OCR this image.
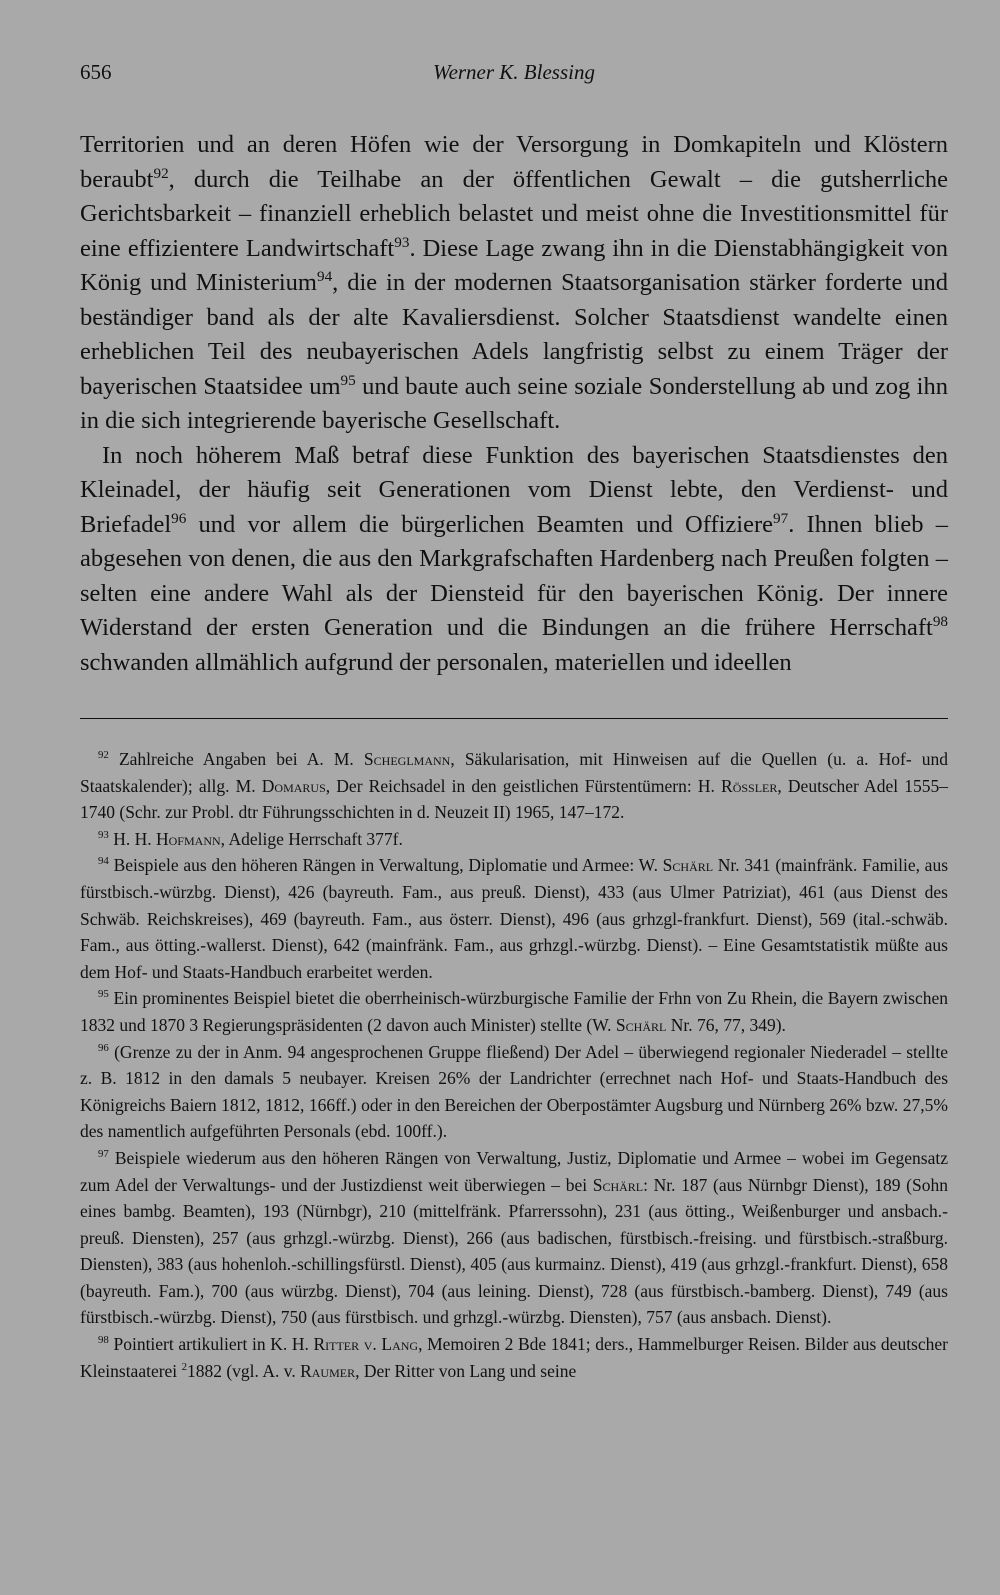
656	Werner K. Blessing

Territorien und an deren Höfen wie der Versorgung in Domkapiteln und Klöstern beraubt$^{92}$, durch die Teilhabe an der öffentlichen Gewalt – die gutsherrliche Gerichtsbarkeit – finanziell erheblich belastet und meist ohne die Investitionsmittel für eine effizientere Landwirtschaft$^{93}$. Diese Lage zwang ihn in die Dienstabhängigkeit von König und Ministerium$^{94}$, die in der modernen Staatsorganisation stärker forderte und beständiger band als der alte Kavaliersdienst. Solcher Staatsdienst wandelte einen erheblichen Teil des neubayerischen Adels langfristig selbst zu einem Träger der bayerischen Staatsidee $um^{95}$ und baute auch seine soziale Sonderstellung ab und zog ihn in die sich integrierende bayerische Gesellschaft.

In noch höherem Maß betraf diese Funktion des bayerischen Staatsdienstes den Kleinadel, der häufig seit Generationen vom Dienst lebte, den Verdienst- und Briefadel$^{96}$ und vor allem die bürgerlichen Beamten und Offiziere$^{97}$. Ihnen blieb – abgesehen von denen, die aus den Markgrafschaften Hardenberg nach Preußen folgten – selten eine andere Wahl als der Diensteid für den bayerischen König. Der innere Widerstand der ersten Generation und die Bindungen an die frühere Herrschaft$^{98}$ schwanden allmählich aufgrund der personalen, materiellen und ideellen

$^{92}$ Zahlreiche Angaben bei A. M. Scheglmann, Säkularisation, mit Hinweisen auf die Quellen (u. a. Hof- und Staatskalender); allg. M. Domarus, Der Reichsadel in den geistlichen Fürstentümern: H. Rössler, Deutscher Adel 1555–1740 (Schr. zur Probl. dtr Führungsschichten in d. Neuzeit II) 1965, 147–172.

$^{93}$ H. H. Hofmann, Adelige Herrschaft 377f.

$^{94}$ Beispiele aus den höheren Rängen in Verwaltung, Diplomatie und Armee: W. Schärl Nr. 341 (mainfränk. Familie, aus fürstbisch.-würzbg. Dienst), 426 (bayreuth. Fam., aus preuß. Dienst), 433 (aus Ulmer Patriziat), 461 (aus Dienst des Schwäb. Reichskreises), 469 (bayreuth. Fam., aus österr. Dienst), 496 (aus grhzgl-frankfurt. Dienst), 569 (ital.-schwäb. Fam., aus ötting.-wallerst. Dienst), 642 (mainfränk. Fam., aus grhzgl.-würzbg. Dienst). – Eine Gesamtstatistik müßte aus dem Hof- und Staats-Handbuch erarbeitet werden.

$^{95}$ Ein prominentes Beispiel bietet die oberrheinisch-würzburgische Familie der Frhn von Zu Rhein, die Bayern zwischen 1832 und 1870 3 Regierungspräsidenten (2 davon auch Minister) stellte (W. Schärl Nr. 76, 77, 349).

$^{96}$ (Grenze zu der in Anm. 94 angesprochenen Gruppe fließend) Der Adel – überwiegend regionaler Niederadel – stellte z. B. 1812 in den damals 5 neubayer. Kreisen 26% der Landrichter (errechnet nach Hof- und Staats-Handbuch des Königreichs Baiern 1812, 1812, 166ff.) oder in den Bereichen der Oberpostämter Augsburg und Nürnberg 26% bzw. 27,5% des namentlich aufgeführten Personals (ebd. 100ff.).

$^{97}$ Beispiele wiederum aus den höheren Rängen von Verwaltung, Justiz, Diplomatie und Armee – wobei im Gegensatz zum Adel der Verwaltungs- und der Justizdienst weit überwiegen – bei Schärl: Nr. 187 (aus Nürnbgr Dienst), 189 (Sohn eines bambg. Beamten), 193 (Nürnbgr), 210 (mittelfränk. Pfarrerssohn), 231 (aus ötting., Weißenburger und ansbach.-preuß. Diensten), 257 (aus grhzgl.-würzbg. Dienst), 266 (aus badischen, fürstbisch.-freising. und fürstbisch.-straßburg. Diensten), 383 (aus hohenloh.-schillingsfürstl. Dienst), 405 (aus kurmainz. Dienst), 419 (aus grhzgl.-frankfurt. Dienst), 658 (bayreuth. Fam.), 700 (aus würzbg. Dienst), 704 (aus leining. Dienst), 728 (aus fürstbisch.-bamberg. Dienst), 749 (aus fürstbisch.-würzbg. Dienst), 750 (aus fürstbisch. und grhzgl.-würzbg. Diensten), 757 (aus ansbach. Dienst).

$^{98}$ Pointiert artikuliert in K. H. Ritter v. Lang, Memoiren 2 Bde 1841; ders., Hammelburger Reisen. Bilder aus deutscher Kleinstaaterei $^2$1882 (vgl. A. v. Raumer, Der Ritter von Lang und seine
